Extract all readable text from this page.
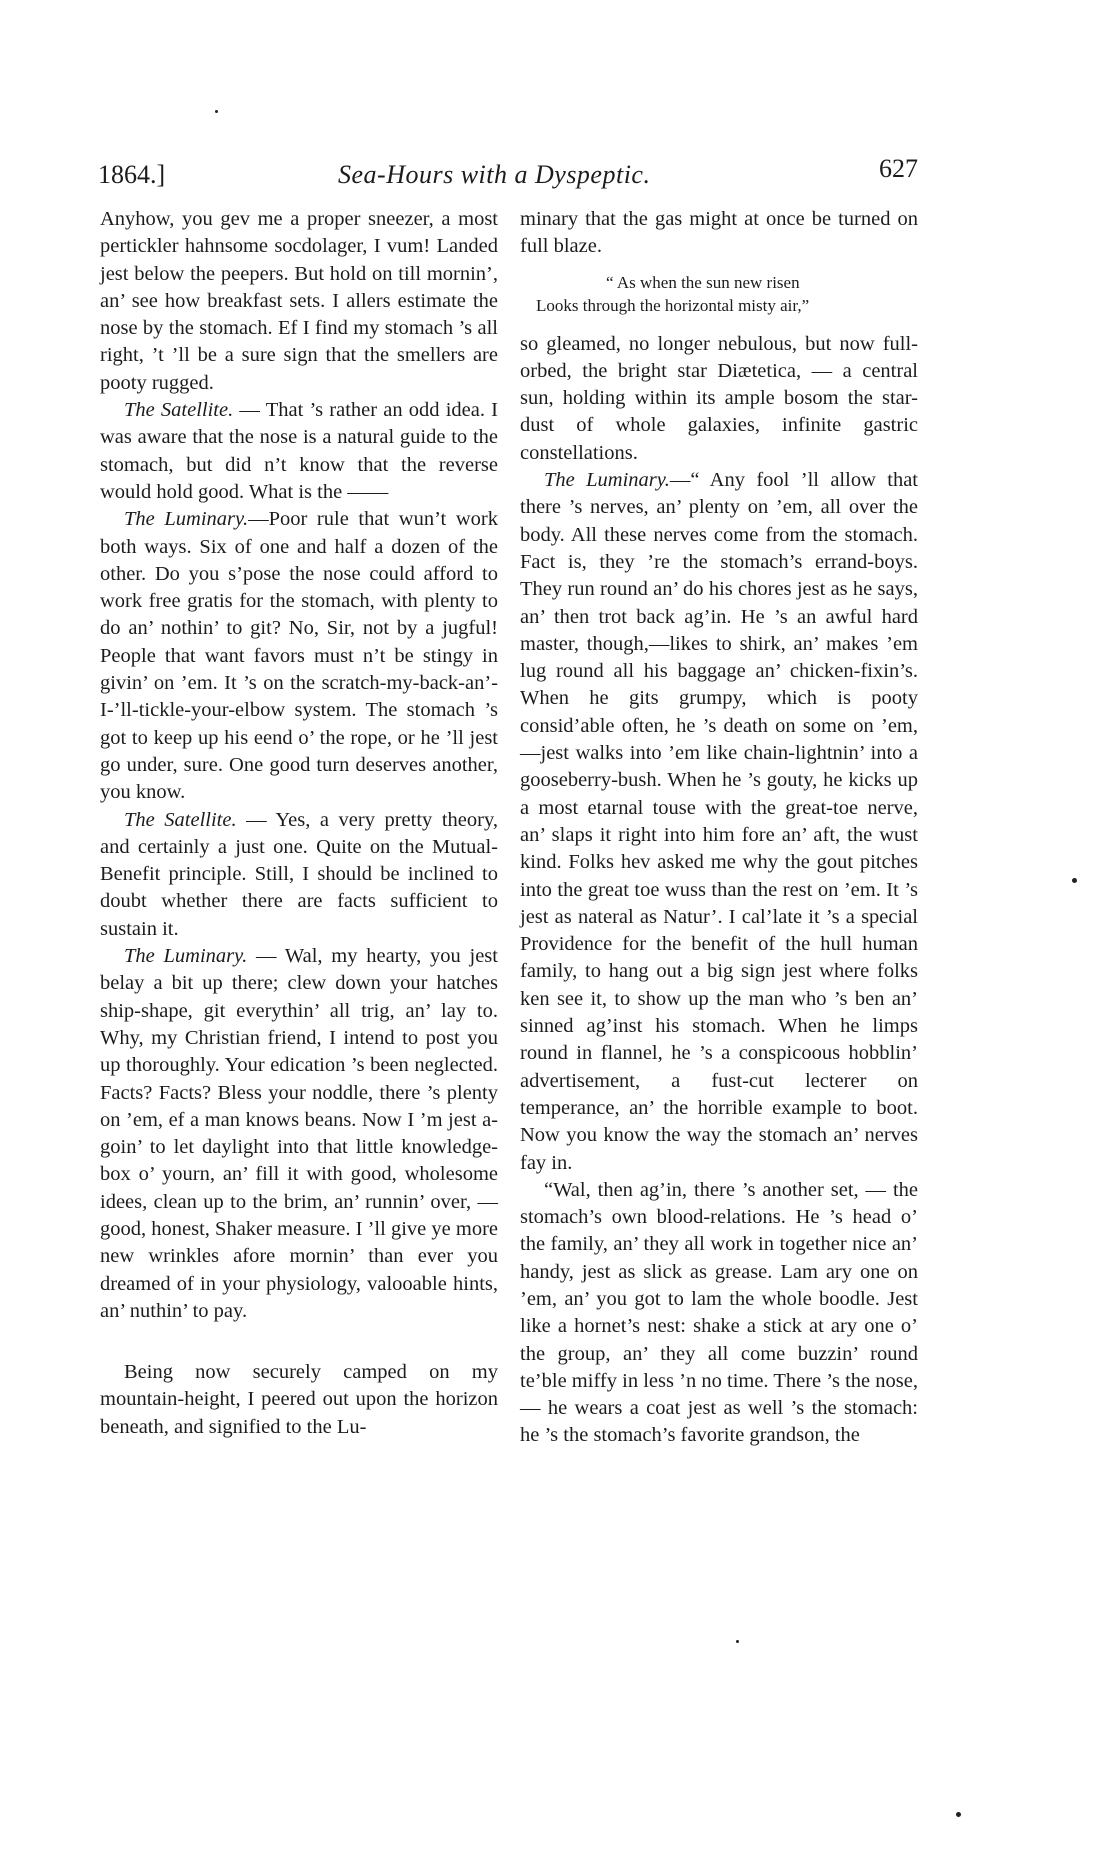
1864.]	Sea-Hours with a Dyspeptic.	627

Anyhow, you gev me a proper sneezer, a most pertickler hahnsome socdolager, I vum! Landed jest below the peepers. But hold on till mornin’, an’ see how breakfast sets. I allers estimate the nose by the stomach. Ef I find my stomach ’s all right, ’t ’ll be a sure sign that the smellers are pooty rugged.

The Satellite. — That ’s rather an odd idea. I was aware that the nose is a natural guide to the stomach, but did n’t know that the reverse would hold good. What is the ——

The Luminary.—Poor rule that wun’t work both ways. Six of one and half a dozen of the other. Do you s’pose the nose could afford to work free gratis for the stomach, with plenty to do an’ nothin’ to git? No, Sir, not by a jugful! People that want favors must n’t be stingy in givin’ on ’em. It ’s on the scratch-my-back-an’-I-’ll-tickle-your-elbow system. The stomach ’s got to keep up his eend o’ the rope, or he ’ll jest go under, sure. One good turn deserves another, you know.

The Satellite. — Yes, a very pretty theory, and certainly a just one. Quite on the Mutual-Benefit principle. Still, I should be inclined to doubt whether there are facts sufficient to sustain it.

The Luminary. — Wal, my hearty, you jest belay a bit up there; clew down your hatches ship-shape, git everythin’ all trig, an’ lay to. Why, my Christian friend, I intend to post you up thoroughly. Your edication ’s been neglected. Facts? Facts? Bless your noddle, there ’s plenty on ’em, ef a man knows beans. Now I ’m jest a-goin’ to let daylight into that little knowledge-box o’ yourn, an’ fill it with good, wholesome idees, clean up to the brim, an’ runnin’ over, — good, honest, Shaker measure. I ’ll give ye more new wrinkles afore mornin’ than ever you dreamed of in your physiology, valooable hints, an’ nuthin’ to pay.

Being now securely camped on my mountain-height, I peered out upon the horizon beneath, and signified to the Lu-

minary that the gas might at once be turned on full blaze.

“ As when the sun new risen
Looks through the horizontal misty air,”

so gleamed, no longer nebulous, but now full-orbed, the bright star Diætetica, — a central sun, holding within its ample bosom the star-dust of whole galaxies, infinite gastric constellations.

The Luminary.—“ Any fool ’ll allow that there ’s nerves, an’ plenty on ’em, all over the body. All these nerves come from the stomach. Fact is, they ’re the stomach’s errand-boys. They run round an’ do his chores jest as he says, an’ then trot back ag’in. He ’s an awful hard master, though,—likes to shirk, an’ makes ’em lug round all his baggage an’ chicken-fixin’s. When he gits grumpy, which is pooty consid’able often, he ’s death on some on ’em, —jest walks into ’em like chain-lightnin’ into a gooseberry-bush. When he ’s gouty, he kicks up a most etarnal touse with the great-toe nerve, an’ slaps it right into him fore an’ aft, the wust kind. Folks hev asked me why the gout pitches into the great toe wuss than the rest on ’em. It ’s jest as nateral as Natur’. I cal’late it ’s a special Providence for the benefit of the hull human family, to hang out a big sign jest where folks ken see it, to show up the man who ’s ben an’ sinned ag’inst his stomach. When he limps round in flannel, he ’s a conspicoous hobblin’ advertisement, a fust-cut lecterer on temperance, an’ the horrible example to boot. Now you know the way the stomach an’ nerves fay in.

“Wal, then ag’in, there ’s another set, — the stomach’s own blood-relations. He ’s head o’ the family, an’ they all work in together nice an’ handy, jest as slick as grease. Lam ary one on ’em, an’ you got to lam the whole boodle. Jest like a hornet’s nest: shake a stick at ary one o’ the group, an’ they all come buzzin’ round te’ble miffy in less ’n no time. There ’s the nose,— he wears a coat jest as well ’s the stomach: he ’s the stomach’s favorite grandson, the
